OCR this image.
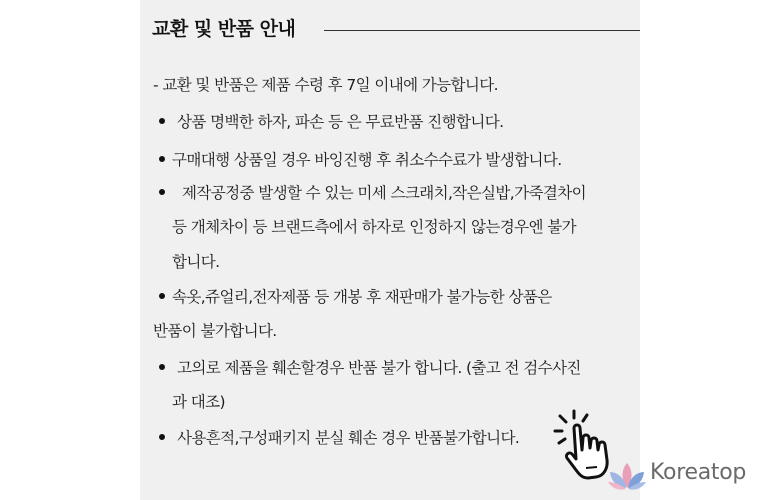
교환 및 반품 안내
- 교환 및 반품은 제품 수령 후 7일 이내에 가능합니다.
상품 명백한 하자, 파손 등 은 무료반품 진행합니다.
구매대행 상품일 경우 바잉진행 후 취소수수료가 발생합니다.
제작공정중 발생할 수 있는 미세 스크래치,작은실밥,가죽결차이
등 개체차이 등 브랜드측에서 하자로 인정하지 않는경우엔 불가
합니다.
속옷,쥬얼리,전자제품 등 개봉 후 재판매가 불가능한 상품은
반품이 불가합니다.
고의로 제품을 훼손할경우 반품 불가 합니다. (출고 전 검수사진
과 대조)
사용흔적,구성패키지 분실 훼손 경우 반품불가합니다.
Koreatop
